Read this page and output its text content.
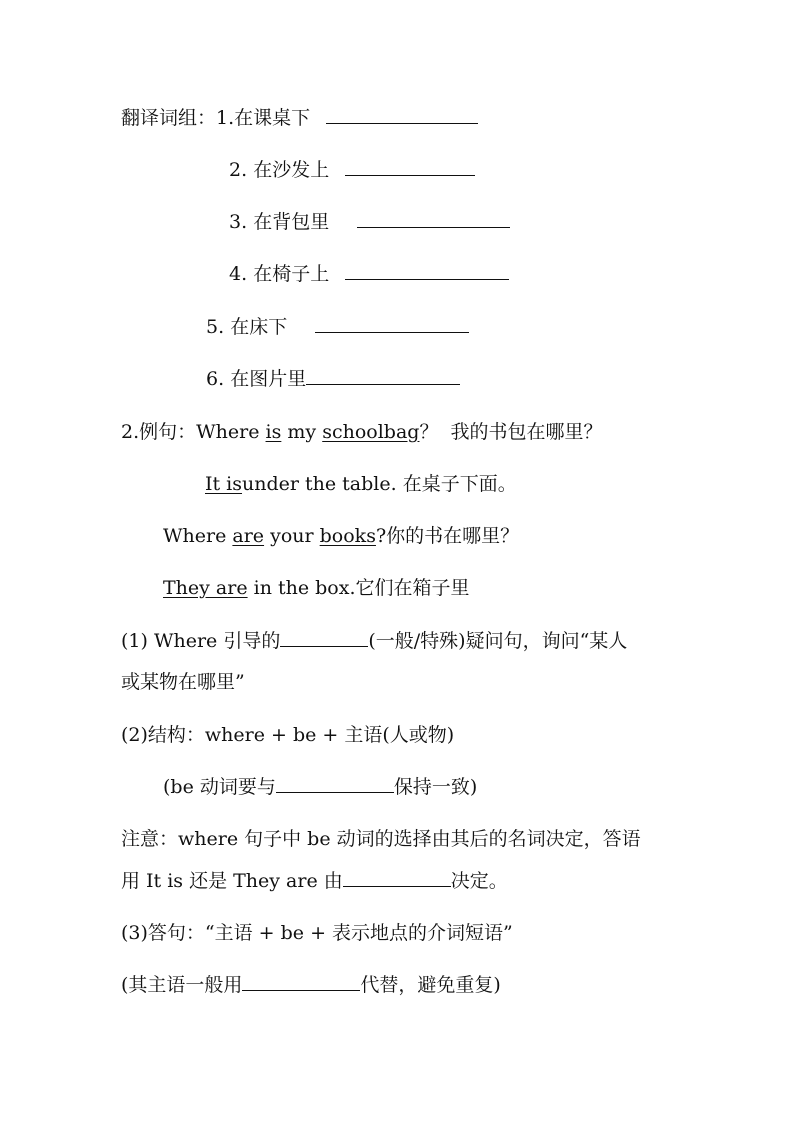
翻译词组：1.在课桌下
2. 在沙发上
3. 在背包里
4. 在椅子上
5. 在床下
6. 在图片里
2.例句：Where is my schoolbag？ 我的书包在哪里？
It isunder the table. 在桌子下面。
Where are your books?你的书在哪里？
They are in the box.它们在箱子里
(1) Where 引导的	(一般/特殊)疑问句，询问“某人
或某物在哪里”
(2)结构：where + be + 主语(人或物)
(be 动词要与	保持一致)
注意：where 句子中 be 动词的选择由其后的名词决定，答语
用 It is 还是 They are 由	决定。
(3)答句：“主语 + be + 表示地点的介词短语”
(其主语一般用	代替，避免重复)
